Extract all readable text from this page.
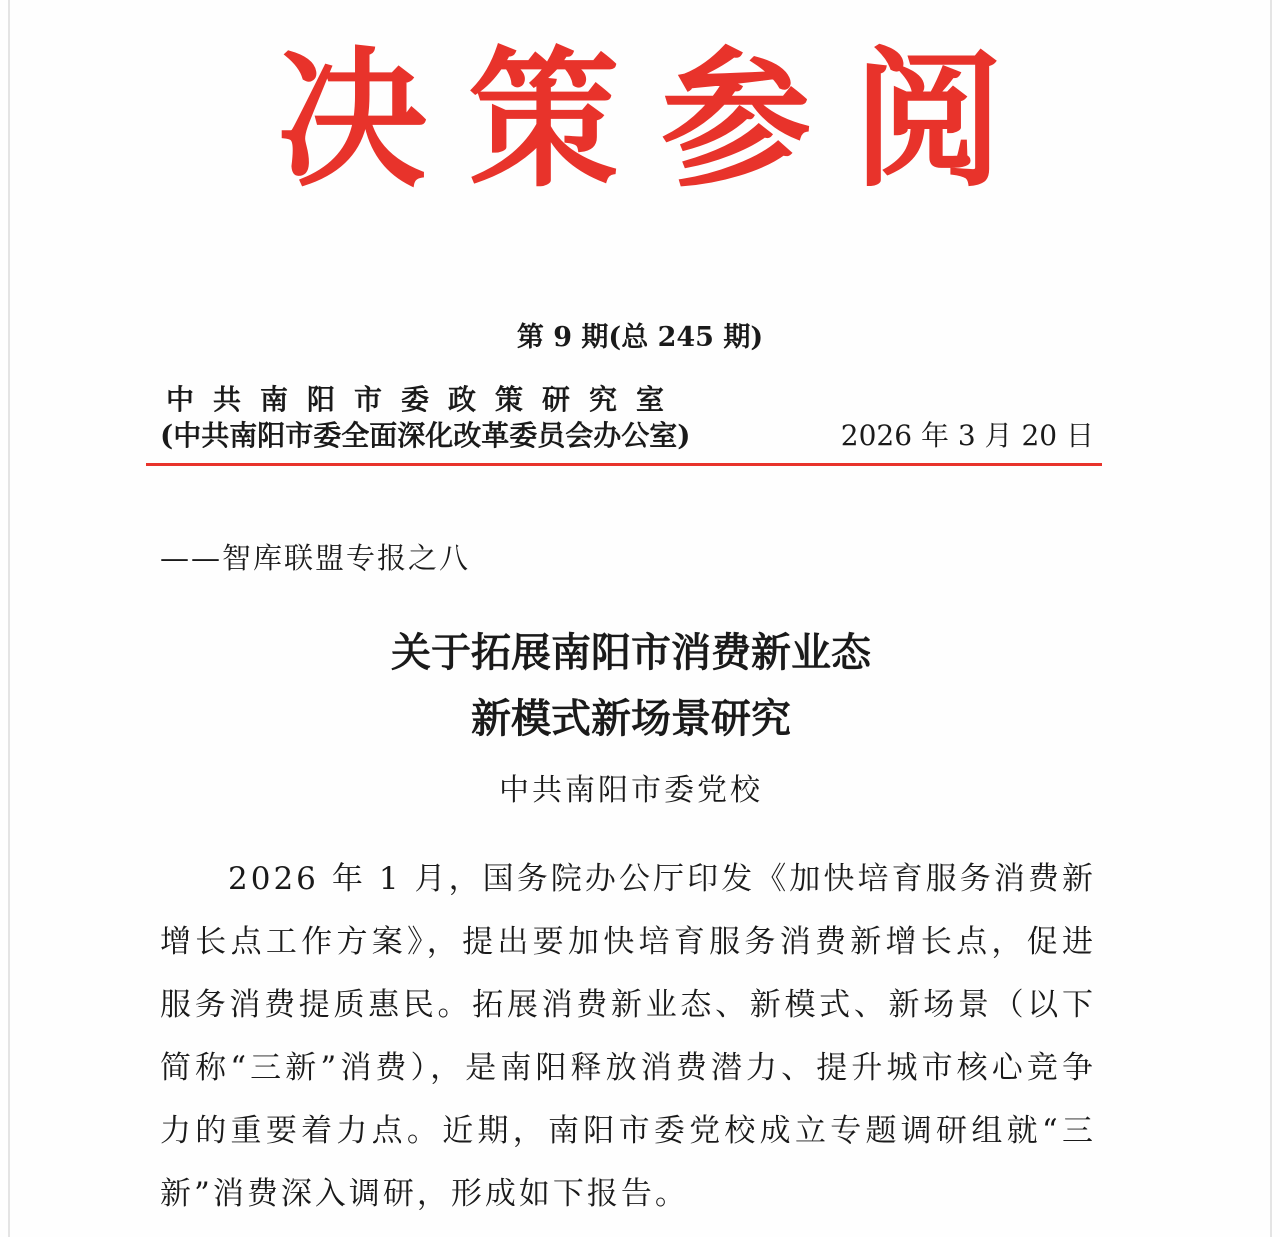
决策参阅
第 9 期(总 245 期)
中共南阳市委政策研究室
(中共南阳市委全面深化改革委员会办公室)	2026 年 3 月 20 日
——智库联盟专报之八
关于拓展南阳市消费新业态
新模式新场景研究
中共南阳市委党校
2026 年 1 月，国务院办公厅印发《加快培育服务消费新增长点工作方案》，提出要加快培育服务消费新增长点，促进服务消费提质惠民。拓展消费新业态、新模式、新场景（以下简称“三新”消费），是南阳释放消费潜力、提升城市核心竞争力的重要着力点。近期，南阳市委党校成立专题调研组就“三新”消费深入调研，形成如下报告。
